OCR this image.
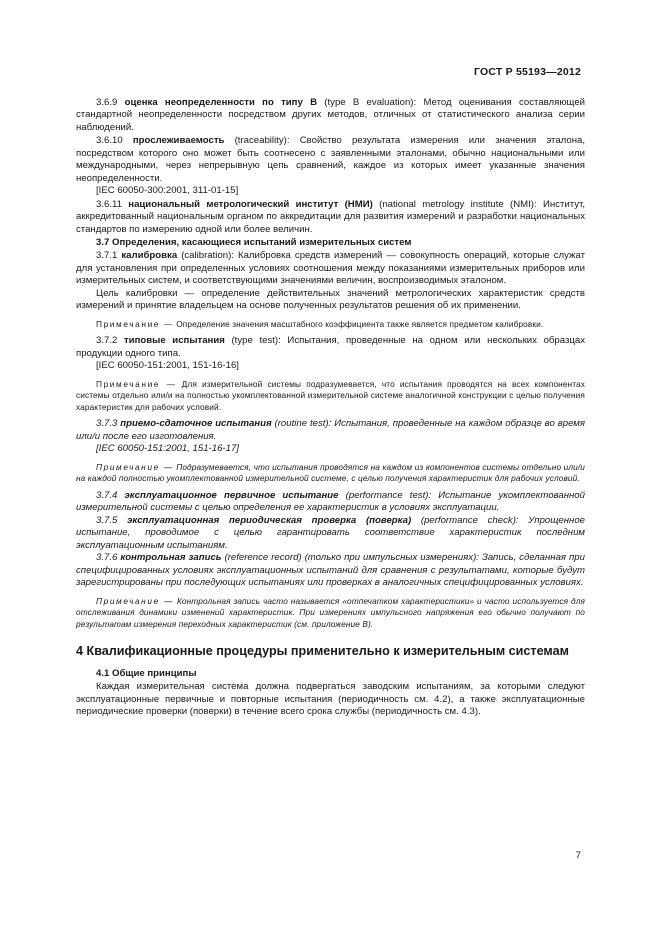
ГОСТ Р 55193—2012

3.6.9 оценка неопределенности по типу В (type B evaluation): Метод оценивания составляющей стандартной неопределенности посредством других методов, отличных от статистического анализа серии наблюдений.

3.6.10 прослеживаемость (traceability): Свойство результата измерения или значения эталона, посредством которого оно может быть соотнесено с заявленными эталонами, обычно национальными или международными, через непрерывную цепь сравнений, каждое из которых имеет указанные значения неопределенности.

[IEC 60050-300:2001, 311-01-15]

3.6.11 национальный метрологический институт (НМИ) (national metrology institute (NMI): Институт, аккредитованный национальным органом по аккредитации для развития измерений и разработки национальных стандартов по измерению одной или более величин.

3.7 Определения, касающиеся испытаний измерительных систем

3.7.1 калибровка (calibration): Калибровка средств измерений — совокупность операций, которые служат для установления при определенных условиях соотношения между показаниями измерительных приборов или измерительных систем, и соответствующими значениями величин, воспроизводимых эталоном.

Цель калибровки — определение действительных значений метрологических характеристик средств измерений и принятие владельцем на основе полученных результатов решения об их применении.

Примечание — Определение значения масштабного коэффициента также является предметом калибровки.

3.7.2 типовые испытания (type test): Испытания, проведенные на одном или нескольких образцах продукции одного типа.

[IEC 60050-151:2001, 151-16-16]

Примечание — Для измерительной системы подразумевается, что испытания проводятся на всех компонентах системы отдельно или/и на полностью укомплектованной измерительной системе аналогичной конструкции с целью получения характеристик для рабочих условий.

3.7.3 приемо-сдаточное испытания (routine test): Испытания, проведенные на каждом образце во время или/и после его изготовления.

[IEC 60050-151:2001, 151-16-17]

Примечание — Подразумевается, что испытания проводятся на каждом из компонентов системы отдельно или/и на каждой полностью укомплектованной измерительной системе, с целью получения характеристик для рабочих условий.

3.7.4 эксплуатационное первичное испытание (performance test): Испытание укомплектованной измерительной системы с целью определения ее характеристик в условиях эксплуатации.

3.7.5 эксплуатационная периодическая проверка (поверка) (performance check): Упрощенное испытание, проводимое с целью гарантировать соответствие характеристик последним эксплуатационным испытаниям.

3.7.6 контрольная запись (reference record) (только при импульсных измерениях): Запись, сделанная при специфицированных условиях эксплуатационных испытаний для сравнения с результатами, которые будут зарегистрированы при последующих испытаниях или проверках в аналогичных специфицированных условиях.

Примечание — Контрольная запись часто называется «отпечатком характеристики» и часто используется для отслеживания динамики изменений характеристик. При измерениях импульсного напряжения его обычно получают по результатам измерения переходных характеристик (см. приложение В).

4 Квалификационные процедуры применительно к измерительным системам

4.1 Общие принципы

Каждая измерительная система должна подвергаться заводским испытаниям, за которыми следуют эксплуатационные первичные и повторные испытания (периодичность см. 4.2), а также эксплуатационные периодические проверки (поверки) в течение всего срока службы (периодичность см. 4.3).

7
